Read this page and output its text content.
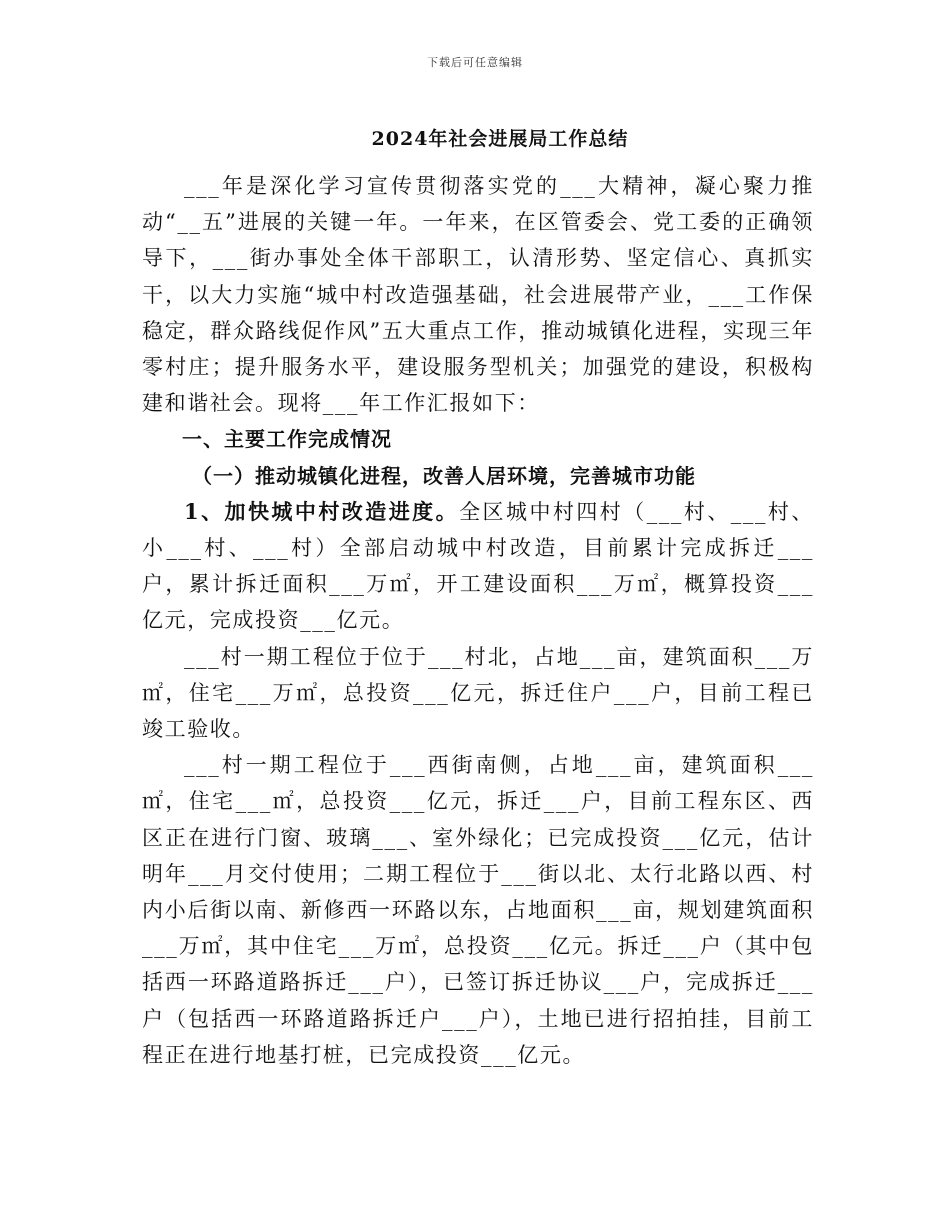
下载后可任意编辑
2024年社会进展局工作总结

___年是深化学习宣传贯彻落实党的___大精神，凝心聚力推动“__五”进展的关键一年。一年来，在区管委会、党工委的正确领导下，___街办事处全体干部职工，认清形势、坚定信心、真抓实干，以大力实施“城中村改造强基础，社会进展带产业，___工作保稳定，群众路线促作风”五大重点工作，推动城镇化进程，实现三年零村庄；提升服务水平，建设服务型机关；加强党的建设，积极构建和谐社会。现将___年工作汇报如下：

一、主要工作完成情况

（一）推动城镇化进程，改善人居环境，完善城市功能

1、加快城中村改造进度。全区城中村四村（___村、___村、小___村、___村）全部启动城中村改造，目前累计完成拆迁___户，累计拆迁面积___万㎡，开工建设面积___万㎡，概算投资___亿元，完成投资___亿元。

___村一期工程位于位于___村北，占地___亩，建筑面积___万㎡，住宅___万㎡，总投资___亿元，拆迁住户___户，目前工程已竣工验收。

___村一期工程位于___西街南侧，占地___亩，建筑面积___㎡，住宅___㎡，总投资___亿元，拆迁___户，目前工程东区、西区正在进行门窗、玻璃___、室外绿化；已完成投资___亿元，估计明年___月交付使用；二期工程位于___街以北、太行北路以西、村内小后街以南、新修西一环路以东，占地面积___亩，规划建筑面积___万㎡，其中住宅___万㎡，总投资___亿元。拆迁___户（其中包括西一环路道路拆迁___户），已签订拆迁协议___户，完成拆迁___户（包括西一环路道路拆迁户___户），土地已进行招拍挂，目前工程正在进行地基打桩，已完成投资___亿元。
